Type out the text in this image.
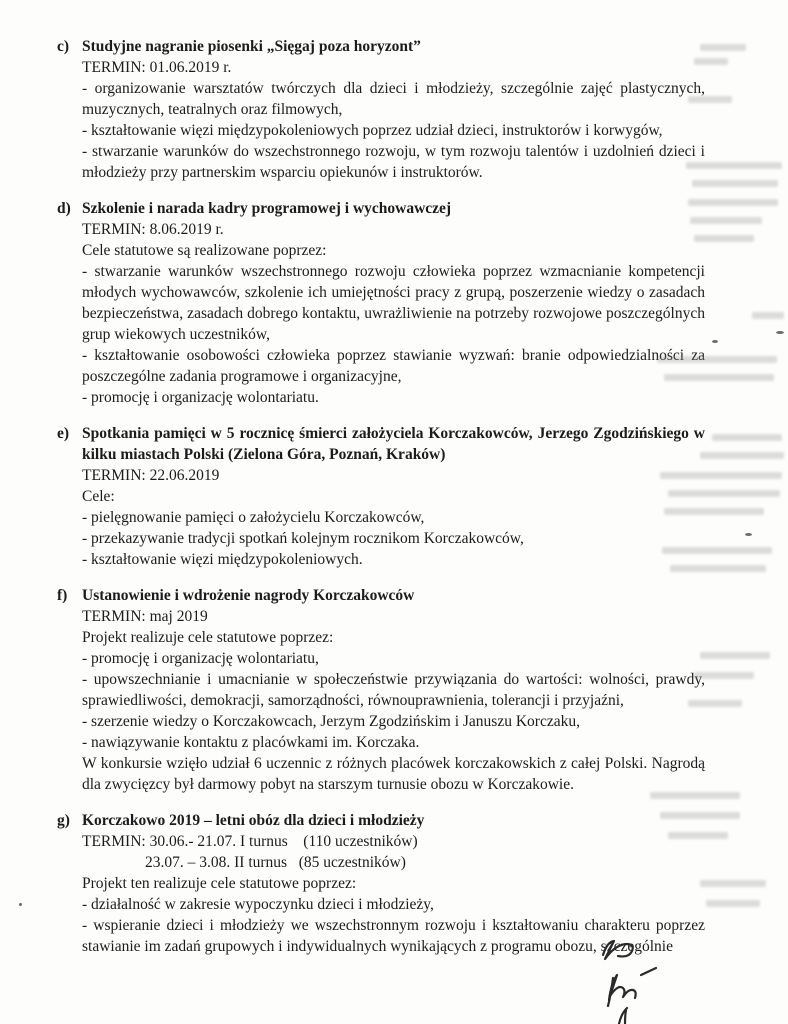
c) Studyjne nagranie piosenki „Sięgaj poza horyzont”

TERMIN: 01.06.2019 r.

- organizowanie warsztatów twórczych dla dzieci i młodzieży, szczególnie zajęć plastycznych, muzycznych, teatralnych oraz filmowych,

- kształtowanie więzi międzypokoleniowych poprzez udział dzieci, instruktorów i korwygów,

- stwarzanie warunków do wszechstronnego rozwoju, w tym rozwoju talentów i uzdolnień dzieci i młodzieży przy partnerskim wsparciu opiekunów i instruktorów.

d) Szkolenie i narada kadry programowej i wychowawczej

TERMIN: 8.06.2019 r.

Cele statutowe są realizowane poprzez:

- stwarzanie warunków wszechstronnego rozwoju człowieka poprzez wzmacnianie kompetencji młodych wychowawców, szkolenie ich umiejętności pracy z grupą, poszerzenie wiedzy o zasadach bezpieczeństwa, zasadach dobrego kontaktu, uwrażliwienie na potrzeby rozwojowe poszczególnych grup wiekowych uczestników,

- kształtowanie osobowości człowieka poprzez stawianie wyzwań: branie odpowiedzialności za poszczególne zadania programowe i organizacyjne,

- promocję i organizację wolontariatu.

e) Spotkania pamięci w 5 rocznicę śmierci założyciela Korczakowców, Jerzego Zgodzińskiego w kilku miastach Polski (Zielona Góra, Poznań, Kraków)

TERMIN: 22.06.2019

Cele:

- pielęgnowanie pamięci o założycielu Korczakowców,

- przekazywanie tradycji spotkań kolejnym rocznikom Korczakowców,

- kształtowanie więzi międzypokoleniowych.

f) Ustanowienie i wdrożenie nagrody Korczakowców

TERMIN: maj 2019

Projekt realizuje cele statutowe poprzez:

- promocję i organizację wolontariatu,

- upowszechnianie i umacnianie w społeczeństwie przywiązania do wartości: wolności, prawdy, sprawiedliwości, demokracji, samorządności, równouprawnienia, tolerancji i przyjaźni,

- szerzenie wiedzy o Korczakowcach, Jerzym Zgodzińskim i Januszu Korczaku,

- nawiązywanie kontaktu z placówkami im. Korczaka.

W konkursie wzięło udział 6 uczennic z różnych placówek korczakowskich z całej Polski. Nagrodą dla zwycięzcy był darmowy pobyt na starszym turnusie obozu w Korczakowie.

g) Korczakowo 2019 – letni obóz dla dzieci i młodzieży

TERMIN: 30.06.- 21.07. I turnus    (110 uczestników)

23.07. – 3.08. II turnus   (85 uczestników)

Projekt ten realizuje cele statutowe poprzez:

- działalność w zakresie wypoczynku dzieci i młodzieży,

- wspieranie dzieci i młodzieży we wszechstronnym rozwoju i kształtowaniu charakteru poprzez stawianie im zadań grupowych i indywidualnych wynikających z programu obozu, szczególnie
